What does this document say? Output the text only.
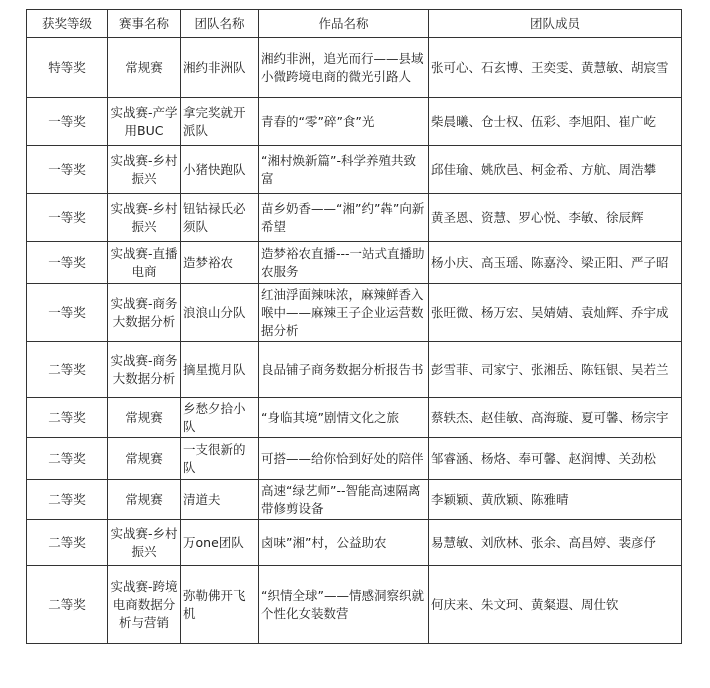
获奖等级	赛事名称	团队名称	作品名称	团队成员
特等奖	常规赛	湘约非洲队	湘约非洲，追光而行——县域小微跨境电商的微光引路人	张可心、石玄博、王奕雯、黄慧敏、胡宸雪
一等奖	实战赛-产学用BUC	拿完奖就开派队	青春的“零”碎”食”光	柴晨曦、仓士权、伍彩、李旭阳、崔广屹
一等奖	实战赛-乡村振兴	小猪快跑队	“湘村焕新篇”-科学养殖共致富	邱佳瑜、姚欣邑、柯金希、方航、周浩攀
一等奖	实战赛-乡村振兴	钮钴禄氏必须队	苗乡奶香——“湘”约”犇”向新希望	黄圣恩、资慧、罗心悦、李敏、徐辰辉
一等奖	实战赛-直播电商	造梦裕农	造梦裕农直播---一站式直播助农服务	杨小庆、高玉瑶、陈嘉泠、梁正阳、严子昭
一等奖	实战赛-商务大数据分析	浪浪山分队	红油浮面辣味浓，麻辣鲜香入喉中——麻辣王子企业运营数据分析	张旺微、杨万宏、吴婧婧、袁灿辉、乔宇成
二等奖	实战赛-商务大数据分析	摘星揽月队	良品铺子商务数据分析报告书	彭雪菲、司家宁、张湘岳、陈钰银、吴若兰
二等奖	常规赛	乡愁夕拾小队	“身临其境”剧情文化之旅	蔡轶杰、赵佳敏、高海璇、夏可馨、杨宗宇
二等奖	常规赛	一支很新的队	可搭——给你恰到好处的陪伴	邹睿涵、杨烙、奉可馨、赵润博、关劲松
二等奖	常规赛	清道夫	高速“绿艺师”--智能高速隔离带修剪设备	李颖颖、黄欣颖、陈雅晴
二等奖	实战赛-乡村振兴	万one团队	卤味”湘”村，公益助农	易慧敏、刘欣林、张余、高昌婷、裴彦伃
二等奖	实战赛-跨境电商数据分析与营销	弥勒佛开飞机	“织情全球”——情感洞察织就个性化女装数营	何庆来、朱文珂、黄粲遐、周仕钦
